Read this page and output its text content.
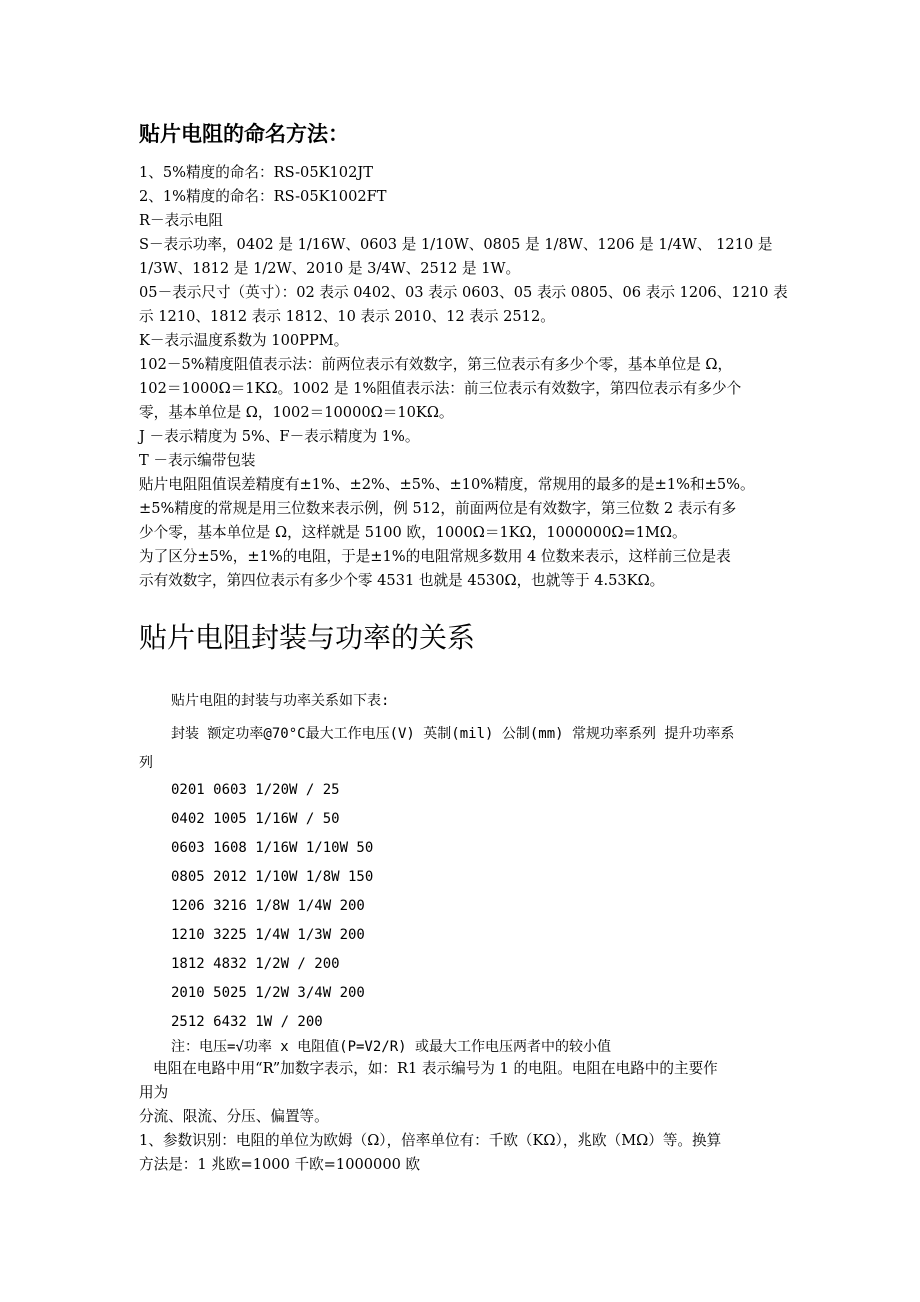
贴片电阻的命名方法：
1、5%精度的命名：RS-05K102JT
2、1%精度的命名：RS-05K1002FT
R－表示电阻
S－表示功率，0402 是 1/16W、0603 是 1/10W、0805 是 1/8W、1206 是 1/4W、 1210 是
1/3W、1812 是 1/2W、2010 是 3/4W、2512 是 1W。
05－表示尺寸（英寸）：02 表示 0402、03 表示 0603、05 表示 0805、06 表示 1206、1210 表
示 1210、1812 表示 1812、10 表示 2010、12 表示 2512。
K－表示温度系数为 100PPM。
102－5%精度阻值表示法：前两位表示有效数字，第三位表示有多少个零，基本单位是 Ω，
102＝1000Ω＝1KΩ。1002 是 1%阻值表示法：前三位表示有效数字，第四位表示有多少个
零，基本单位是 Ω，1002＝10000Ω＝10KΩ。
J －表示精度为 5%、F－表示精度为 1%。
T －表示编带包装
贴片电阻阻值误差精度有±1%、±2%、±5%、±10%精度，常规用的最多的是±1%和±5%。
±5%精度的常规是用三位数来表示例，例 512，前面两位是有效数字，第三位数 2 表示有多
少个零，基本单位是 Ω，这样就是 5100 欧，1000Ω＝1KΩ，1000000Ω=1MΩ。
为了区分±5%，±1%的电阻，于是±1%的电阻常规多数用 4 位数来表示，这样前三位是表
示有效数字，第四位表示有多少个零 4531 也就是 4530Ω，也就等于 4.53KΩ。
贴片电阻封装与功率的关系
贴片电阻的封装与功率关系如下表:
封装 额定功率@70°C最大工作电压(V) 英制(mil) 公制(mm) 常规功率系列 提升功率系
列
0201 0603 1/20W / 25
0402 1005 1/16W / 50
0603 1608 1/16W 1/10W 50
0805 2012 1/10W 1/8W 150
1206 3216 1/8W 1/4W 200
1210 3225 1/4W 1/3W 200
1812 4832 1/2W / 200
2010 5025 1/2W 3/4W 200
2512 6432 1W / 200
注：电压=√功率 x 电阻值(P=V2/R) 或最大工作电压两者中的较小值
电阻在电路中用“R”加数字表示，如：R1 表示编号为 1 的电阻。电阻在电路中的主要作
用为
分流、限流、分压、偏置等。
1、参数识别：电阻的单位为欧姆（Ω），倍率单位有：千欧（KΩ），兆欧（MΩ）等。换算
方法是：1 兆欧=1000 千欧=1000000 欧
